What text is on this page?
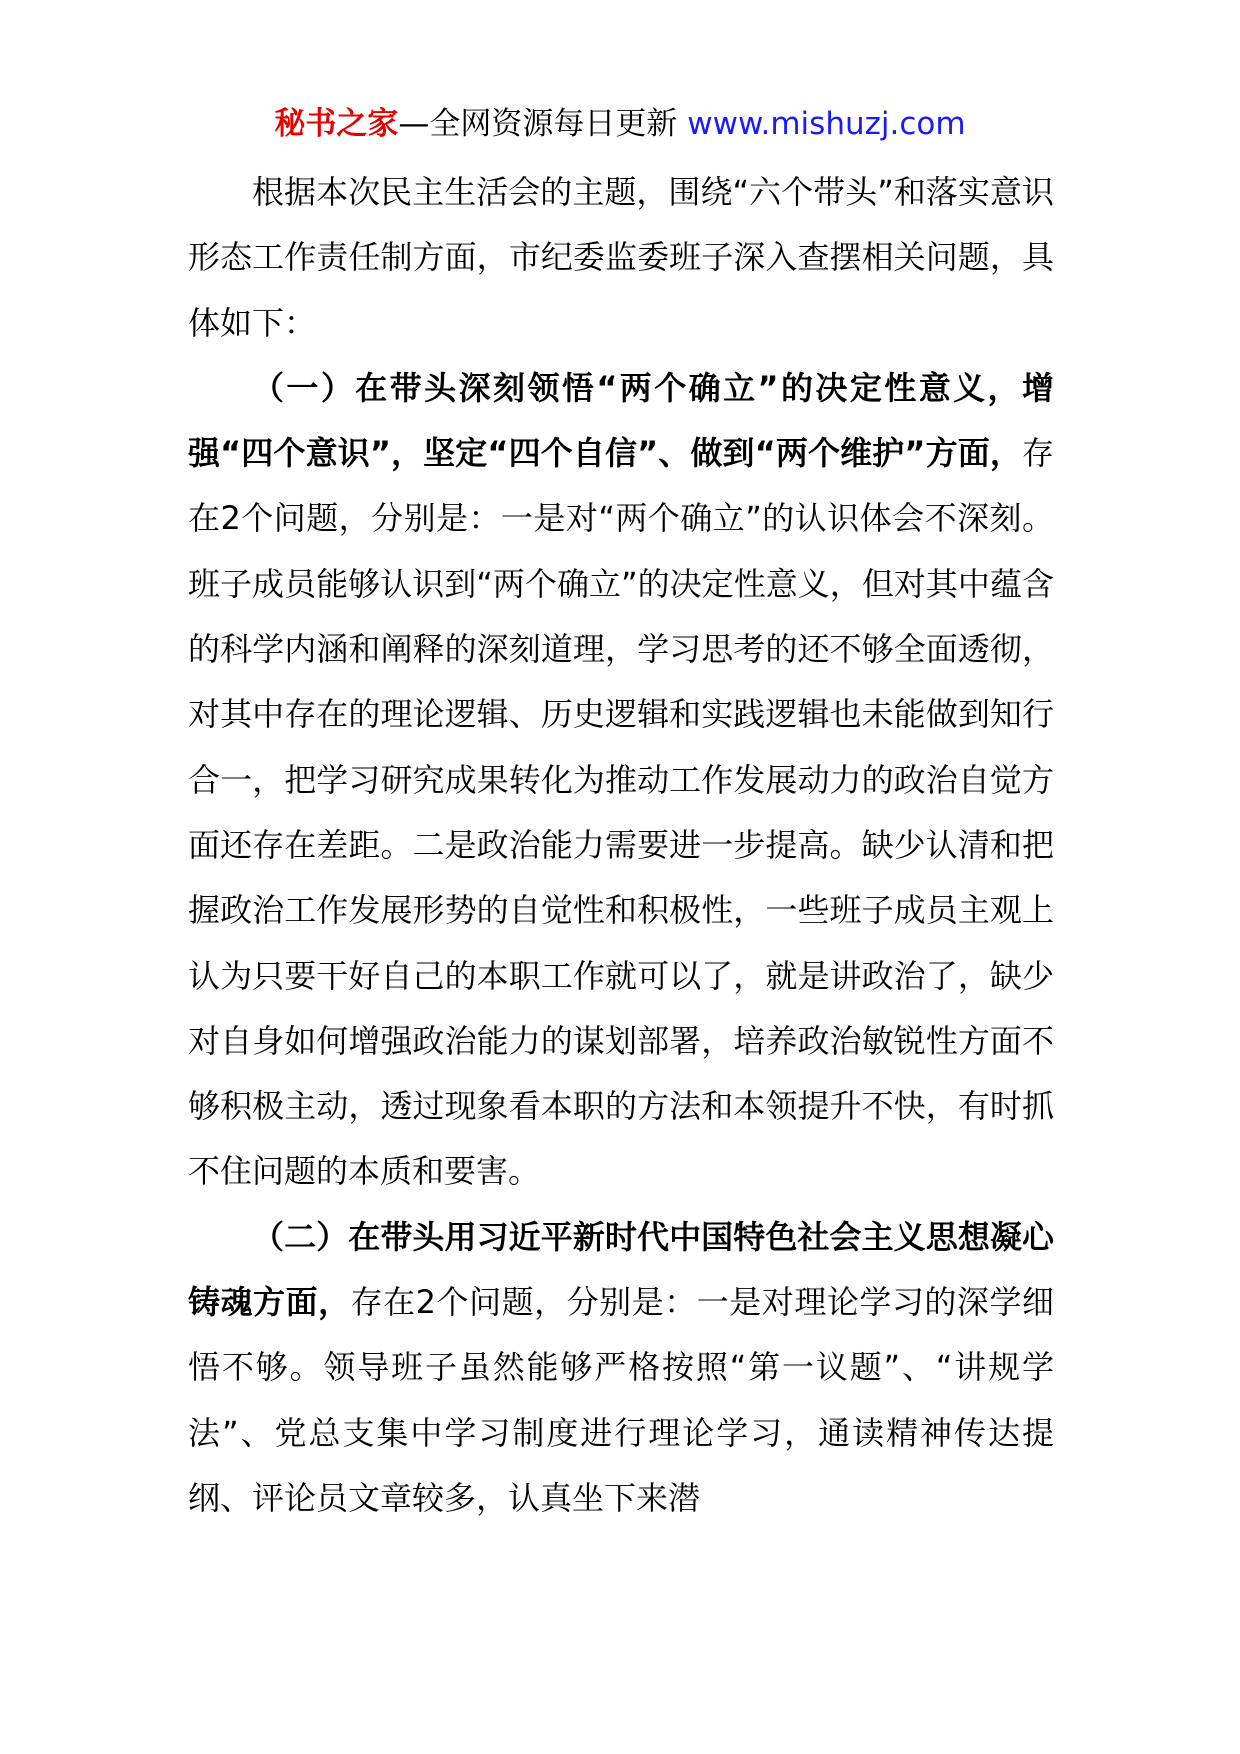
秘书之家—全网资源每日更新 www.mishuzj.com

根据本次民主生活会的主题，围绕“六个带头”和落实意识形态工作责任制方面，市纪委监委班子深入查摆相关问题，具体如下：

（一）在带头深刻领悟“两个确立”的决定性意义，增强“四个意识”，坚定“四个自信”、做到“两个维护”方面，存在2个问题，分别是：一是对“两个确立”的认识体会不深刻。班子成员能够认识到“两个确立”的决定性意义，但对其中蕴含的科学内涵和阐释的深刻道理，学习思考的还不够全面透彻，对其中存在的理论逻辑、历史逻辑和实践逻辑也未能做到知行合一，把学习研究成果转化为推动工作发展动力的政治自觉方面还存在差距。二是政治能力需要进一步提高。缺少认清和把握政治工作发展形势的自觉性和积极性，一些班子成员主观上认为只要干好自己的本职工作就可以了，就是讲政治了，缺少对自身如何增强政治能力的谋划部署，培养政治敏锐性方面不够积极主动，透过现象看本职的方法和本领提升不快，有时抓不住问题的本质和要害。

（二）在带头用习近平新时代中国特色社会主义思想凝心铸魂方面，存在2个问题，分别是：一是对理论学习的深学细悟不够。领导班子虽然能够严格按照“第一议题”、“讲规学法”、党总支集中学习制度进行理论学习，通读精神传达提纲、评论员文章较多，认真坐下来潜
